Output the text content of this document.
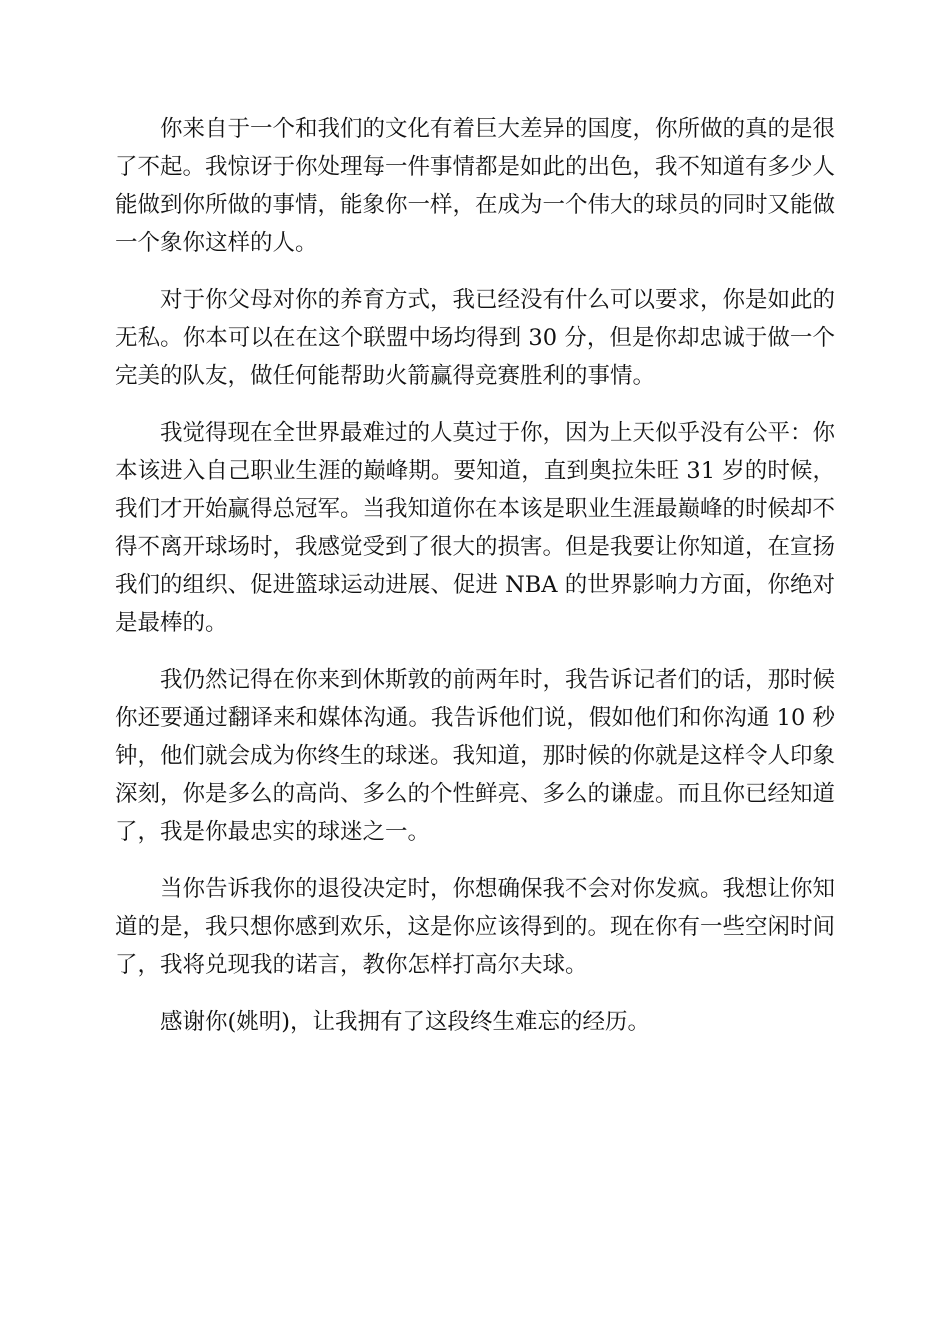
你来自于一个和我们的文化有着巨大差异的国度，你所做的真的是很了不起。我惊讶于你处理每一件事情都是如此的出色，我不知道有多少人能做到你所做的事情，能象你一样，在成为一个伟大的球员的同时又能做一个象你这样的人。

对于你父母对你的养育方式，我已经没有什么可以要求，你是如此的无私。你本可以在在这个联盟中场均得到 30 分，但是你却忠诚于做一个完美的队友，做任何能帮助火箭赢得竞赛胜利的事情。

我觉得现在全世界最难过的人莫过于你，因为上天似乎没有公平：你本该进入自己职业生涯的巅峰期。要知道，直到奥拉朱旺 31 岁的时候，我们才开始赢得总冠军。当我知道你在本该是职业生涯最巅峰的时候却不得不离开球场时，我感觉受到了很大的损害。但是我要让你知道，在宣扬我们的组织、促进篮球运动进展、促进 NBA 的世界影响力方面，你绝对是最棒的。

我仍然记得在你来到休斯敦的前两年时，我告诉记者们的话，那时候你还要通过翻译来和媒体沟通。我告诉他们说，假如他们和你沟通 10 秒钟，他们就会成为你终生的球迷。我知道，那时候的你就是这样令人印象深刻，你是多么的高尚、多么的个性鲜亮、多么的谦虚。而且你已经知道了，我是你最忠实的球迷之一。

当你告诉我你的退役决定时，你想确保我不会对你发疯。我想让你知道的是，我只想你感到欢乐，这是你应该得到的。现在你有一些空闲时间了，我将兑现我的诺言，教你怎样打高尔夫球。

感谢你(姚明)，让我拥有了这段终生难忘的经历。
